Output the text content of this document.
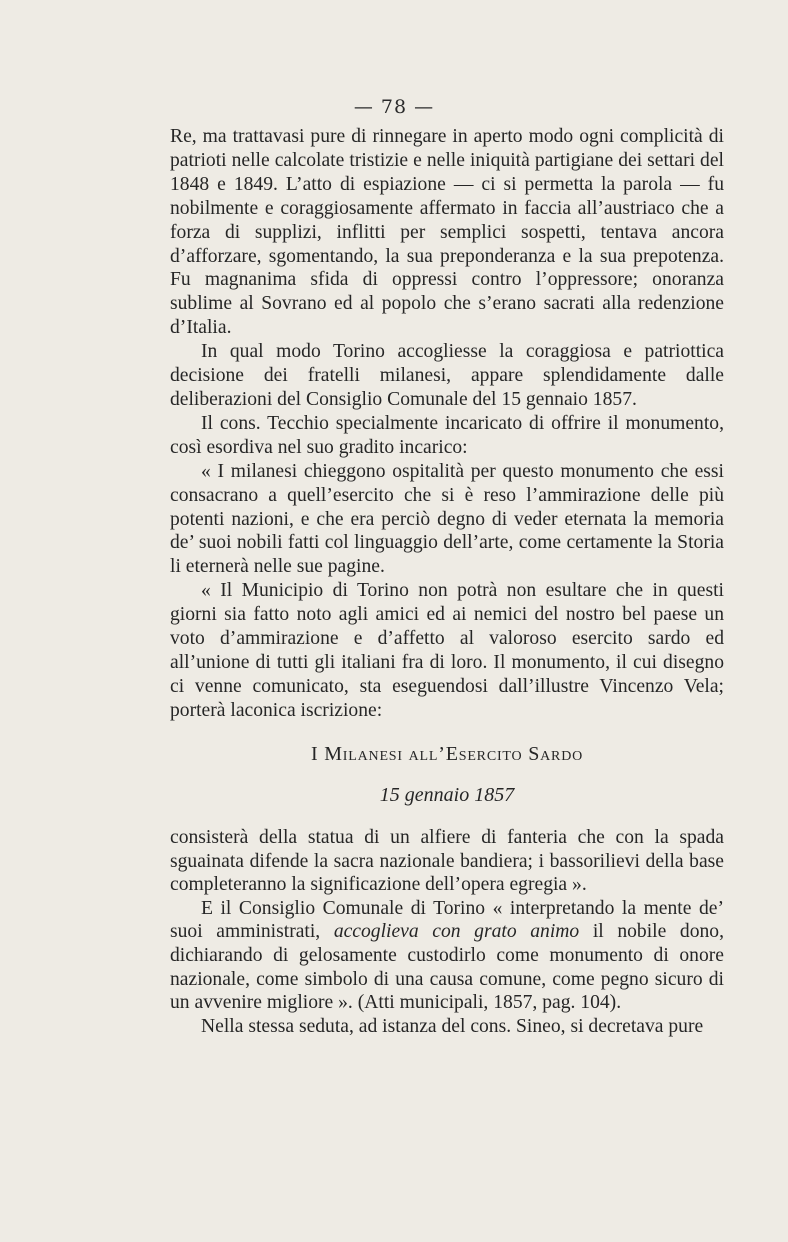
— 78 —

Re, ma trattavasi pure di rinnegare in aperto modo ogni complicità di patrioti nelle calcolate tristizie e nelle iniquità partigiane dei settari del 1848 e 1849. L’atto di espiazione — ci si permetta la parola — fu nobilmente e coraggiosamente affermato in faccia all’austriaco che a forza di supplizi, inflitti per semplici sospetti, tentava ancora d’afforzare, sgomentando, la sua preponderanza e la sua prepotenza. Fu magnanima sfida di oppressi contro l’oppressore; onoranza sublime al Sovrano ed al popolo che s’erano sacrati alla redenzione d’Italia.

In qual modo Torino accogliesse la coraggiosa e patriottica decisione dei fratelli milanesi, appare splendidamente dalle deliberazioni del Consiglio Comunale del 15 gennaio 1857.

Il cons. Tecchio specialmente incaricato di offrire il monumento, così esordiva nel suo gradito incarico:

« I milanesi chieggono ospitalità per questo monumento che essi consacrano a quell’esercito che si è reso l’ammirazione delle più potenti nazioni, e che era perciò degno di veder eternata la memoria de’ suoi nobili fatti col linguaggio dell’arte, come certamente la Storia li eternerà nelle sue pagine.

« Il Municipio di Torino non potrà non esultare che in questi giorni sia fatto noto agli amici ed ai nemici del nostro bel paese un voto d’ammirazione e d’affetto al valoroso esercito sardo ed all’unione di tutti gli italiani fra di loro. Il monumento, il cui disegno ci venne comunicato, sta eseguendosi dall’illustre Vincenzo Vela; porterà laconica iscrizione:

I Milanesi all’Esercito Sardo
15 gennaio 1857

consisterà della statua di un alfiere di fanteria che con la spada sguainata difende la sacra nazionale bandiera; i bassorilievi della base completeranno la significazione dell’opera egregia ».

E il Consiglio Comunale di Torino « interpretando la mente de’ suoi amministrati, accoglieva con grato animo il nobile dono, dichiarando di gelosamente custodirlo come monumento di onore nazionale, come simbolo di una causa comune, come pegno sicuro di un avvenire migliore ». (Atti municipali, 1857, pag. 104).

Nella stessa seduta, ad istanza del cons. Sineo, si decretava pure
